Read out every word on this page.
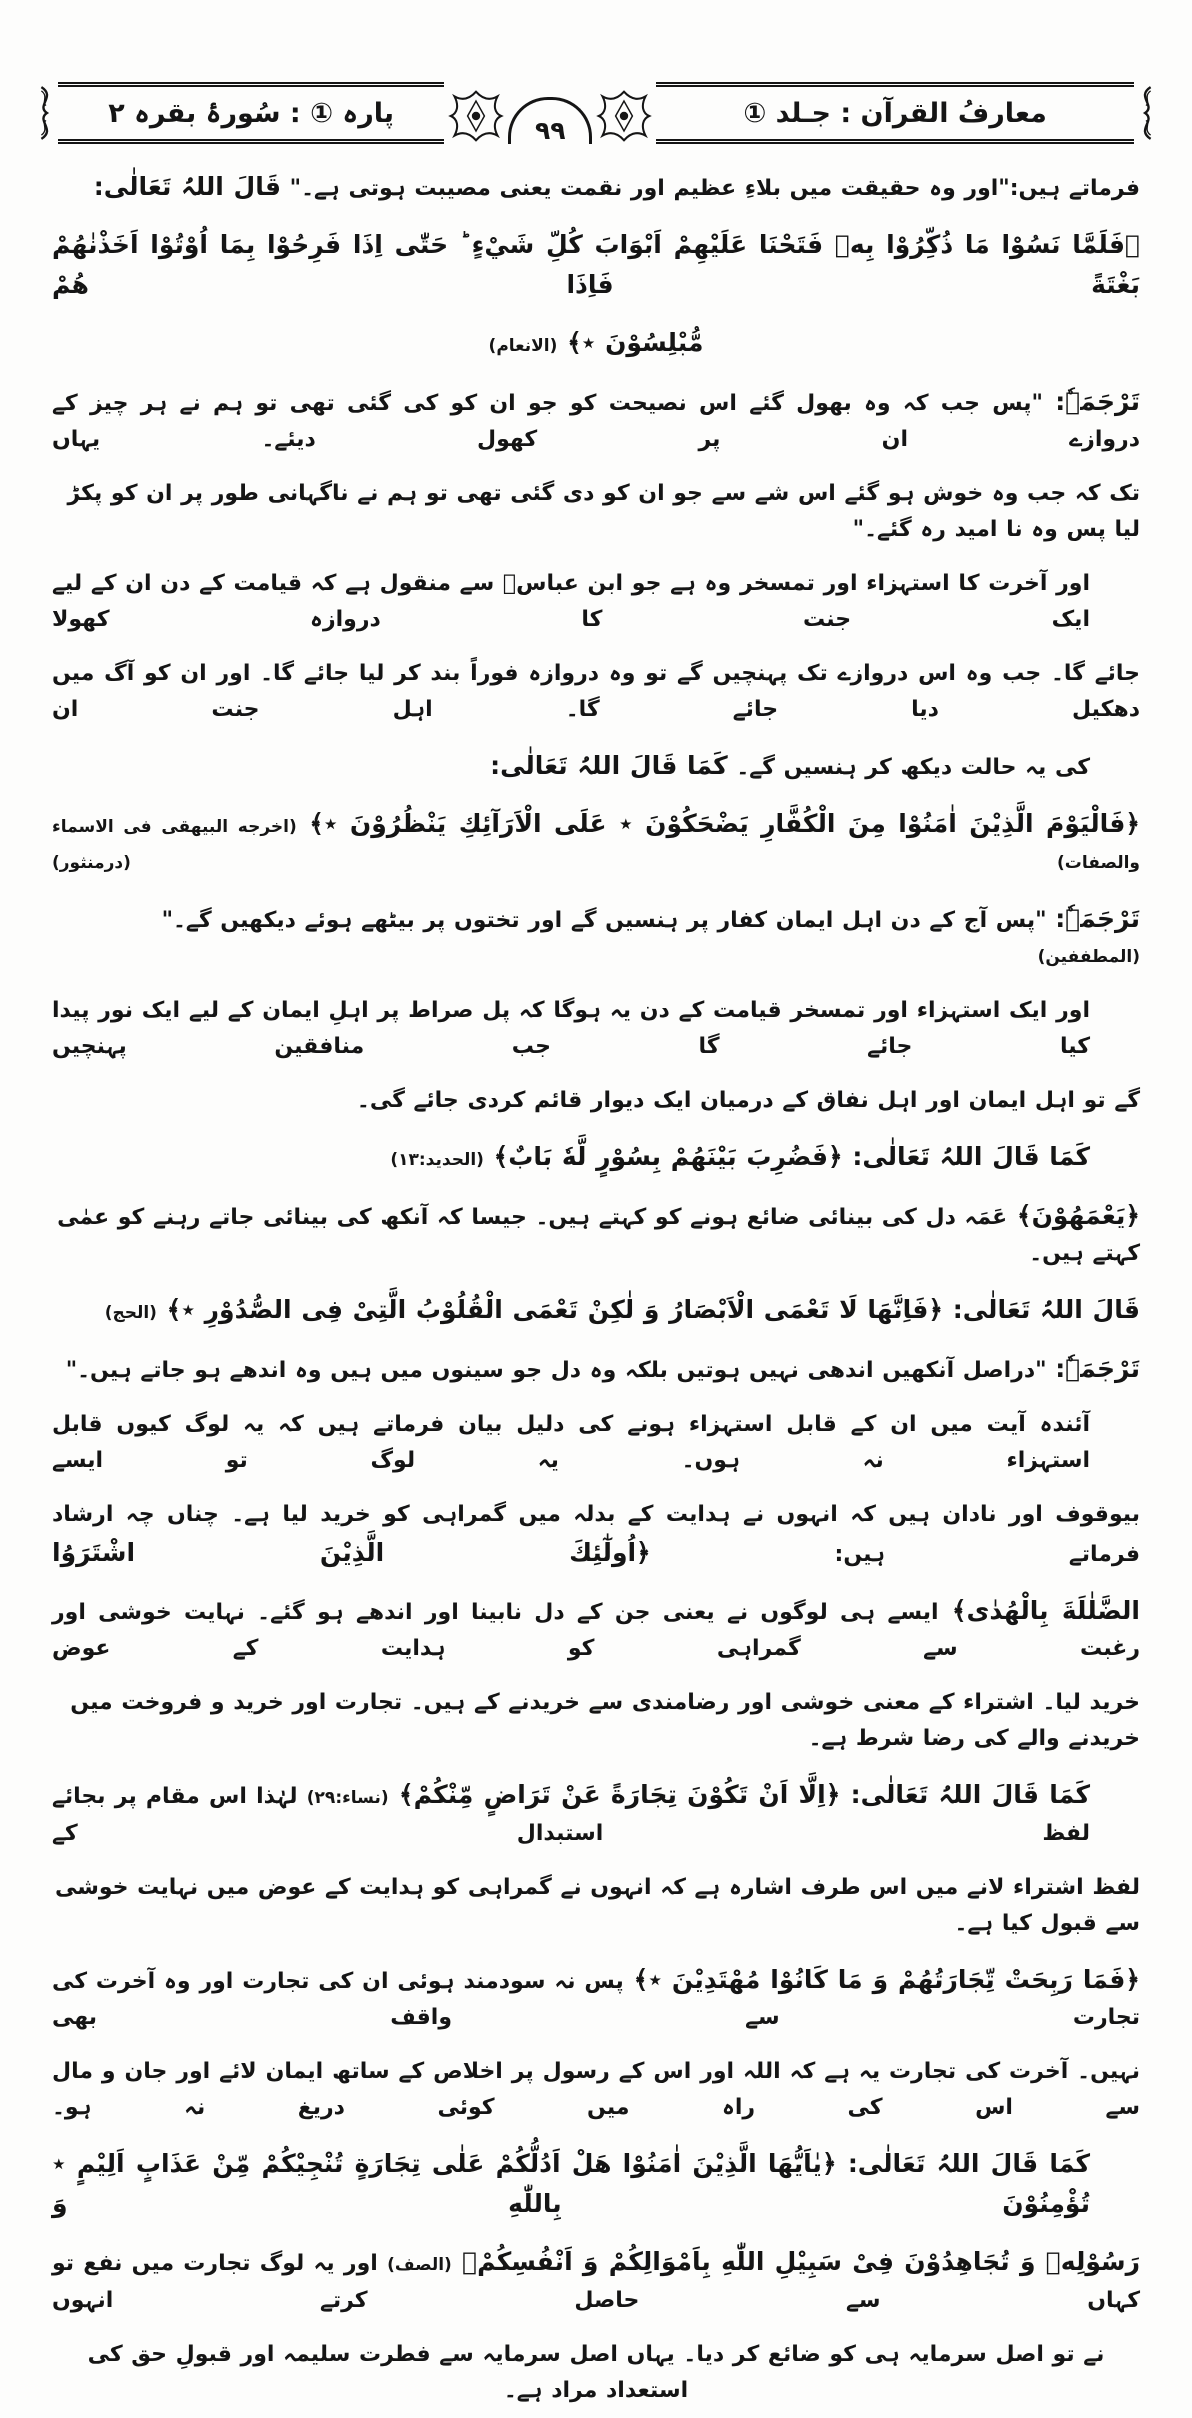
معارفُ القرآن : جـلد ①
۹۹
پارہ ① : سُورۂ بقرہ ۲
فرماتے ہیں:"اور وہ حقیقت میں بلاءِ عظیم اور نقمت یعنی مصیبت ہوتی ہے۔" قَالَ اللہُ تَعَالٰی:
﴿فَلَمَّا نَسُوْا مَا ذُكِّرُوْا بِهٖ فَتَحْنَا عَلَيْهِمْ اَبْوَابَ كُلِّ شَيْءٍ ؕ حَتّٰی اِذَا فَرِحُوْا بِمَا اُوْتُوْا اَخَذْنٰهُمْ بَغْتَةً فَاِذَا هُمْ
مُّبْلِسُوْنَ ٭﴾ (الانعام)
تَرْجَمَہٗ: "پس جب کہ وہ بھول گئے اس نصیحت کو جو ان کو کی گئی تھی تو ہم نے ہر چیز کے دروازے ان پر کھول دیئے۔ یہاں
تک کہ جب وہ خوش ہو گئے اس شے سے جو ان کو دی گئی تھی تو ہم نے ناگہانی طور پر ان کو پکڑ لیا پس وہ نا امید رہ گئے۔"
اور آخرت کا استہزاء اور تمسخر وہ ہے جو ابن عباسؓ سے منقول ہے کہ قیامت کے دن ان کے لیے ایک جنت کا دروازہ کھولا
جائے گا۔ جب وہ اس دروازے تک پہنچیں گے تو وہ دروازہ فوراً بند کر لیا جائے گا۔ اور ان کو آگ میں دھکیل دیا جائے گا۔ اہل جنت ان
کی یہ حالت دیکھ کر ہنسیں گے۔ کَمَا قَالَ اللہُ تَعَالٰی:
﴿فَالْيَوْمَ الَّذِيْنَ اٰمَنُوْا مِنَ الْكُفَّارِ يَضْحَكُوْنَ ٭ عَلَی الْاَرَآئِكِ يَنْظُرُوْنَ ٭﴾ (اخرجه البیهقی فی الاسماء والصفات) (درمنثور)
تَرْجَمَہٗ: "پس آج کے دن اہل ایمان کفار پر ہنسیں گے اور تختوں پر بیٹھے ہوئے دیکھیں گے۔" (المطففین)
اور ایک استہزاء اور تمسخر قیامت کے دن یہ ہوگا کہ پل صراط پر اہلِ ایمان کے لیے ایک نور پیدا کیا جائے گا جب منافقین پہنچیں
گے تو اہل ایمان اور اہل نفاق کے درمیان ایک دیوار قائم کردی جائے گی۔
کَمَا قَالَ اللہُ تَعَالٰی: ﴿فَضُرِبَ بَيْنَهُمْ بِسُوْرٍ لَّهٗ بَابٌ﴾ (الحدید:۱۳)
﴿يَعْمَهُوْنَ﴾ عَمَہ دل کی بینائی ضائع ہونے کو کہتے ہیں۔ جیسا کہ آنکھ کی بینائی جاتے رہنے کو عمٰی کہتے ہیں۔
قَالَ اللہُ تَعَالٰی: ﴿فَاِنَّهَا لَا تَعْمَی الْاَبْصَارُ وَ لٰكِنْ تَعْمَی الْقُلُوْبُ الَّتِیْ فِی الصُّدُوْرِ ٭﴾ (الحج)
تَرْجَمَہٗ: "دراصل آنکھیں اندھی نہیں ہوتیں بلکہ وہ دل جو سینوں میں ہیں وہ اندھے ہو جاتے ہیں۔"
آئندہ آیت میں ان کے قابل استہزاء ہونے کی دلیل بیان فرماتے ہیں کہ یہ لوگ کیوں قابل استہزاء نہ ہوں۔ یہ لوگ تو ایسے
بیوقوف اور نادان ہیں کہ انہوں نے ہدایت کے بدلہ میں گمراہی کو خرید لیا ہے۔ چناں چہ ارشاد فرماتے ہیں: ﴿اُولٰٓئِكَ الَّذِيْنَ اشْتَرَوُا
الضَّلٰلَةَ بِالْهُدٰی﴾ ایسے ہی لوگوں نے یعنی جن کے دل نابینا اور اندھے ہو گئے۔ نہایت خوشی اور رغبت سے گمراہی کو ہدایت کے عوض
خرید لیا۔ اشتراء کے معنی خوشی اور رضامندی سے خریدنے کے ہیں۔ تجارت اور خرید و فروخت میں خریدنے والے کی رضا شرط ہے۔
کَمَا قَالَ اللہُ تَعَالٰی: ﴿اِلَّا اَنْ تَكُوْنَ تِجَارَةً عَنْ تَرَاضٍ مِّنْكُمْ﴾ (نساء:۲۹) لہٰذا اس مقام پر بجائے لفظ استبدال کے
لفظ اشتراء لانے میں اس طرف اشارہ ہے کہ انہوں نے گمراہی کو ہدایت کے عوض میں نہایت خوشی سے قبول کیا ہے۔
﴿فَمَا رَبِحَتْ تِّجَارَتُهُمْ وَ مَا كَانُوْا مُهْتَدِيْنَ ٭﴾ پس نہ سودمند ہوئی ان کی تجارت اور وہ آخرت کی تجارت سے واقف بھی
نہیں۔ آخرت کی تجارت یہ ہے کہ اللہ اور اس کے رسول پر اخلاص کے ساتھ ایمان لائے اور جان و مال سے اس کی راہ میں کوئی دریغ نہ ہو۔
کَمَا قَالَ اللہُ تَعَالٰی: ﴿يٰاَيُّهَا الَّذِيْنَ اٰمَنُوْا هَلْ اَدُلُّكُمْ عَلٰی تِجَارَةٍ تُنْجِيْكُمْ مِّنْ عَذَابٍ اَلِيْمٍ ٭ تُؤْمِنُوْنَ بِاللّٰهِ وَ
رَسُوْلِهٖ وَ تُجَاهِدُوْنَ فِیْ سَبِيْلِ اللّٰهِ بِاَمْوَالِكُمْ وَ اَنْفُسِكُمْ﴾ (الصف) اور یہ لوگ تجارت میں نفع تو کہاں سے حاصل کرتے انہوں
نے تو اصل سرمایہ ہی کو ضائع کر دیا۔ یہاں اصل سرمایہ سے فطرت سلیمہ اور قبولِ حق کی استعداد مراد ہے۔
